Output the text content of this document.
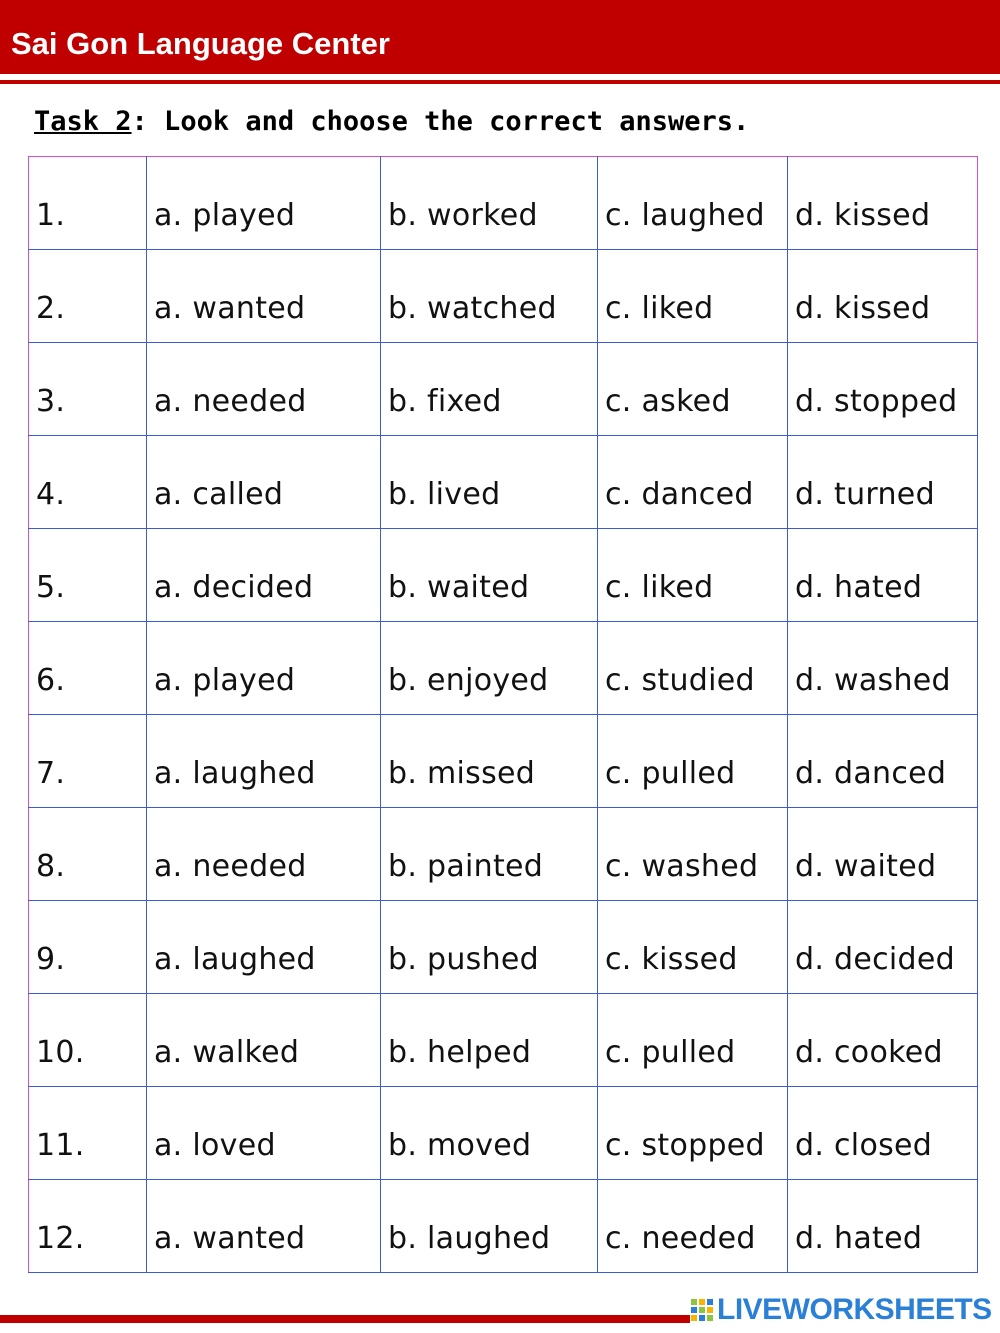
Sai Gon Language Center
Task 2: Look and choose the correct answers.
1.	a. played	b. worked	c. laughed	d. kissed
2.	a. wanted	b. watched	c. liked	d. kissed
3.	a. needed	b. fixed	c. asked	d. stopped
4.	a. called	b. lived	c. danced	d. turned
5.	a. decided	b. waited	c. liked	d. hated
6.	a. played	b. enjoyed	c. studied	d. washed
7.	a. laughed	b. missed	c. pulled	d. danced
8.	a. needed	b. painted	c. washed	d. waited
9.	a. laughed	b. pushed	c. kissed	d. decided
10.	a. walked	b. helped	c. pulled	d. cooked
11.	a. loved	b. moved	c. stopped	d. closed
12.	a. wanted	b. laughed	c. needed	d. hated
LIVEWORKSHEETS
